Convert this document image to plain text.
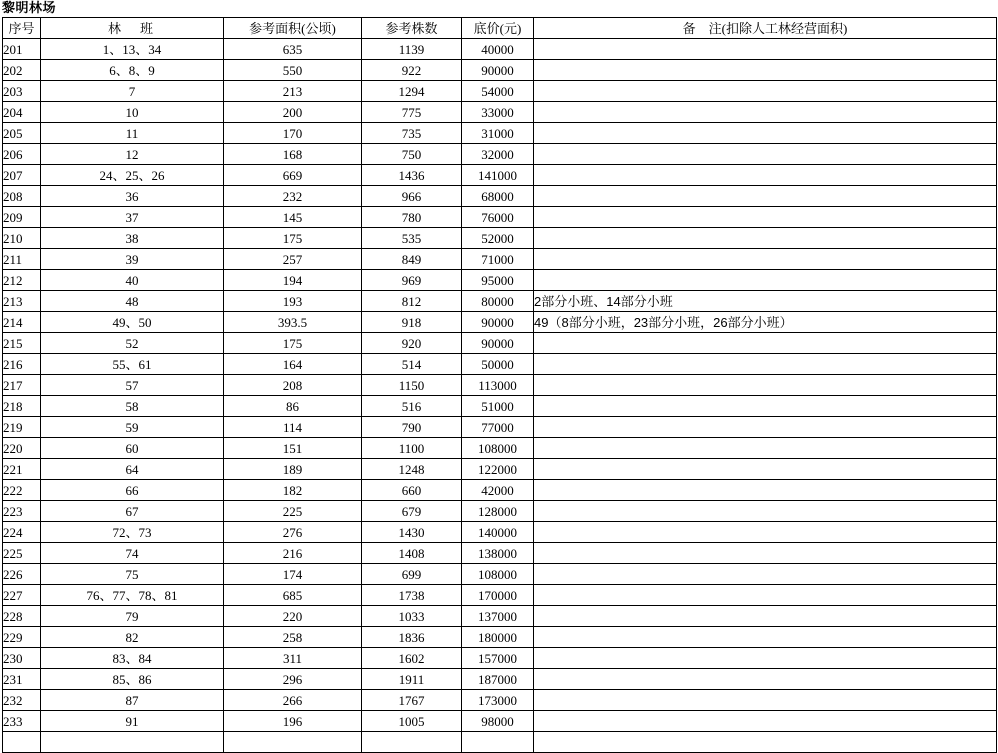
黎明林场
序号	林　班	参考面积(公顷)	参考株数	底价(元)	备　注(扣除人工林经营面积)
201	1、13、34	635	1139	40000	
202	6、8、9	550	922	90000	
203	7	213	1294	54000	
204	10	200	775	33000	
205	11	170	735	31000	
206	12	168	750	32000	
207	24、25、26	669	1436	141000	
208	36	232	966	68000	
209	37	145	780	76000	
210	38	175	535	52000	
211	39	257	849	71000	
212	40	194	969	95000	
213	48	193	812	80000	2部分小班、14部分小班
214	49、50	393.5	918	90000	49（8部分小班，23部分小班，26部分小班）
215	52	175	920	90000	
216	55、61	164	514	50000	
217	57	208	1150	113000	
218	58	86	516	51000	
219	59	114	790	77000	
220	60	151	1100	108000	
221	64	189	1248	122000	
222	66	182	660	42000	
223	67	225	679	128000	
224	72、73	276	1430	140000	
225	74	216	1408	138000	
226	75	174	699	108000	
227	76、77、78、81	685	1738	170000	
228	79	220	1033	137000	
229	82	258	1836	180000	
230	83、84	311	1602	157000	
231	85、86	296	1911	187000	
232	87	266	1767	173000	
233	91	196	1005	98000	
